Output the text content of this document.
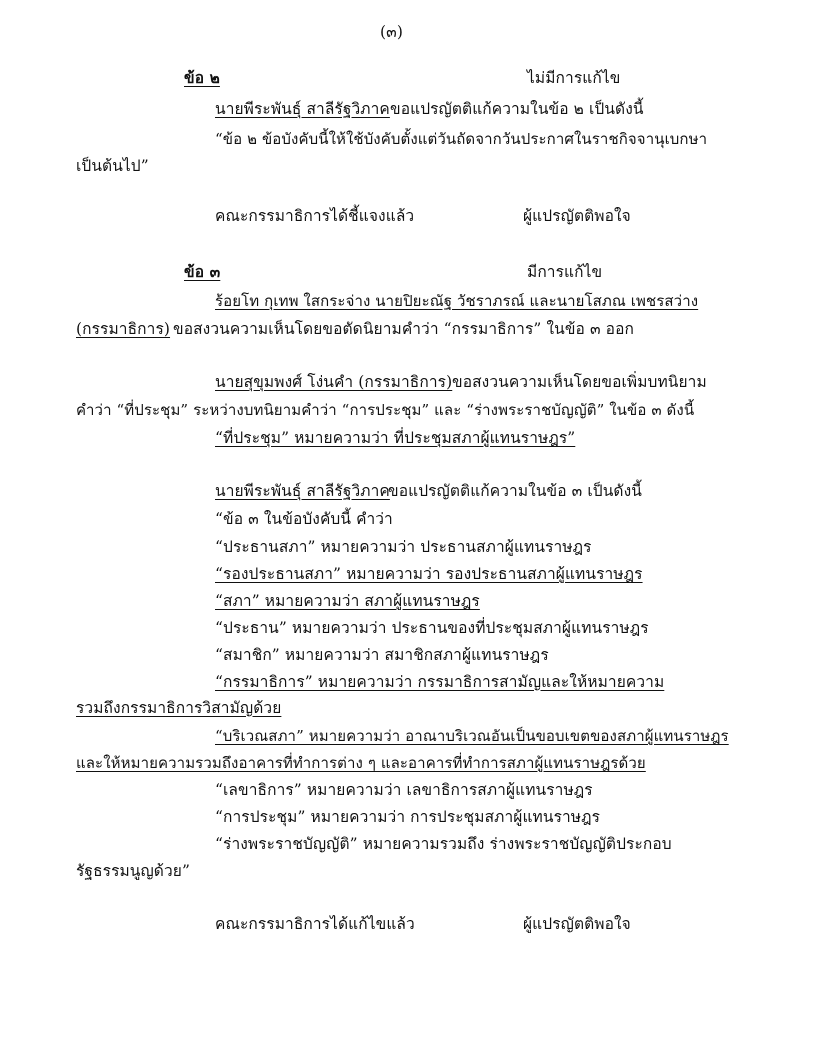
(๓)
ข้อ ๒	ไม่มีการแก้ไข
นายพีระพันธุ์ สาลีรัฐวิภาค ขอแปรญัตติแก้ความในข้อ ๒ เป็นดังนี้
“ข้อ ๒ ข้อบังคับนี้ให้ใช้บังคับตั้งแต่วันถัดจากวันประกาศในราชกิจจานุเบกษา
เป็นต้นไป”
คณะกรรมาธิการได้ชี้แจงแล้ว	ผู้แปรญัตติพอใจ
ข้อ ๓	มีการแก้ไข
ร้อยโท กุเทพ ใสกระจ่าง นายปิยะณัฐ วัชราภรณ์ และนายโสภณ เพชรสว่าง
(กรรมาธิการ) ขอสงวนความเห็นโดยขอตัดนิยามคำว่า “กรรมาธิการ” ในข้อ ๓ ออก
นายสุขุมพงศ์ โง่นคำ (กรรมาธิการ) ขอสงวนความเห็นโดยขอเพิ่มบทนิยาม
คำว่า “ที่ประชุม” ระหว่างบทนิยามคำว่า “การประชุม” และ “ร่างพระราชบัญญัติ” ในข้อ ๓ ดังนี้
“ที่ประชุม” หมายความว่า ที่ประชุมสภาผู้แทนราษฎร”
นายพีระพันธุ์ สาลีรัฐวิภาค
ขอแปรญัตติแก้ความในข้อ ๓ เป็นดังนี้
“ข้อ ๓ ในข้อบังคับนี้ คำว่า
“ประธานสภา” หมายความว่า ประธานสภาผู้แทนราษฎร
“รองประธานสภา” หมายความว่า รองประธานสภาผู้แทนราษฎร
“สภา” หมายความว่า สภาผู้แทนราษฎร
“ประธาน” หมายความว่า ประธานของที่ประชุมสภาผู้แทนราษฎร
“สมาชิก” หมายความว่า สมาชิกสภาผู้แทนราษฎร
“กรรมาธิการ” หมายความว่า กรรมาธิการสามัญและให้หมายความ
รวมถึงกรรมาธิการวิสามัญด้วย
“บริเวณสภา” หมายความว่า อาณาบริเวณอันเป็นขอบเขตของสภาผู้แทนราษฎร
และให้หมายความรวมถึงอาคารที่ทำการต่าง ๆ และอาคารที่ทำการสภาผู้แทนราษฎรด้วย
“เลขาธิการ” หมายความว่า เลขาธิการสภาผู้แทนราษฎร
“การประชุม” หมายความว่า การประชุมสภาผู้แทนราษฎร
“ร่างพระราชบัญญัติ” หมายความรวมถึง ร่างพระราชบัญญัติประกอบ
รัฐธรรมนูญด้วย”
คณะกรรมาธิการได้แก้ไขแล้ว	ผู้แปรญัตติพอใจ
